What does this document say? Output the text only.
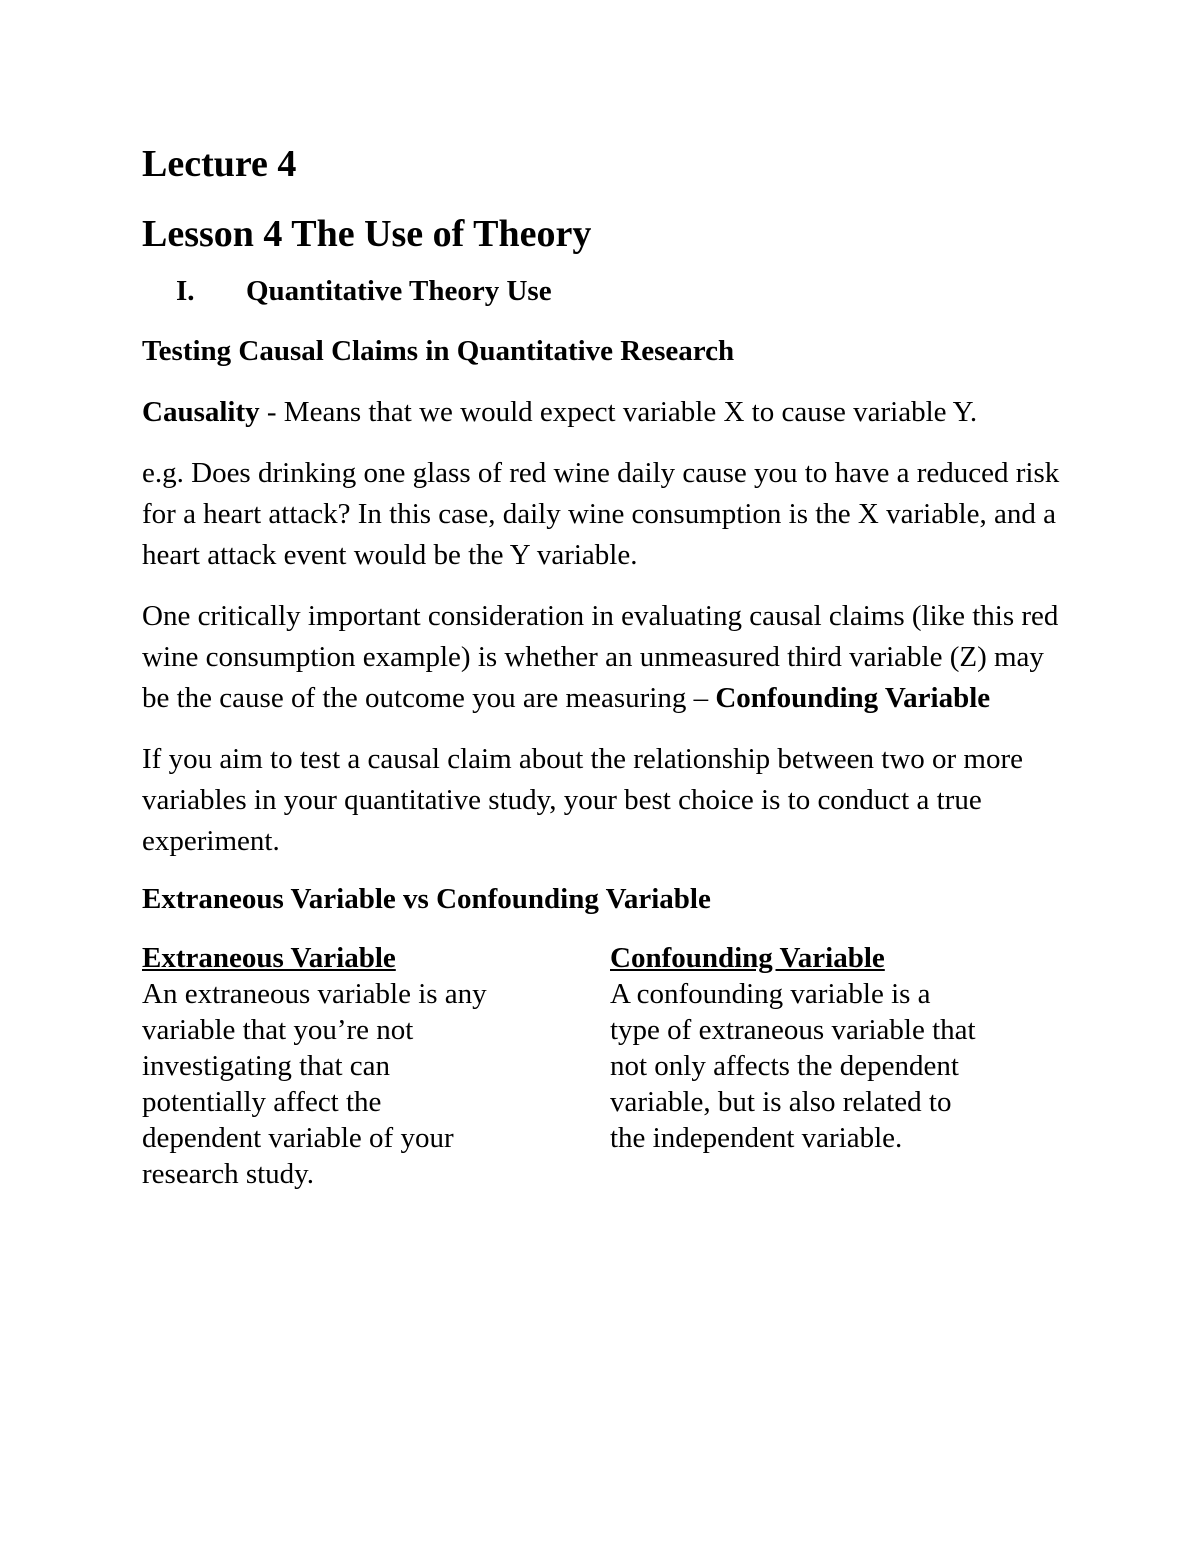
Lecture 4
Lesson 4 The Use of Theory
I.	Quantitative Theory Use
Testing Causal Claims in Quantitative Research

Causality - Means that we would expect variable X to cause variable Y.

e.g. Does drinking one glass of red wine daily cause you to have a reduced risk for a heart attack? In this case, daily wine consumption is the X variable, and a heart attack event would be the Y variable.

One critically important consideration in evaluating causal claims (like this red wine consumption example) is whether an unmeasured third variable (Z) may be the cause of the outcome you are measuring – Confounding Variable

If you aim to test a causal claim about the relationship between two or more variables in your quantitative study, your best choice is to conduct a true experiment.

Extraneous Variable vs Confounding Variable
Extraneous Variable
An extraneous variable is any
variable that you’re not
investigating that can
potentially affect the
dependent variable of your
research study.
Confounding Variable
A confounding variable is a
type of extraneous variable that
not only affects the dependent
variable, but is also related to
the independent variable.
